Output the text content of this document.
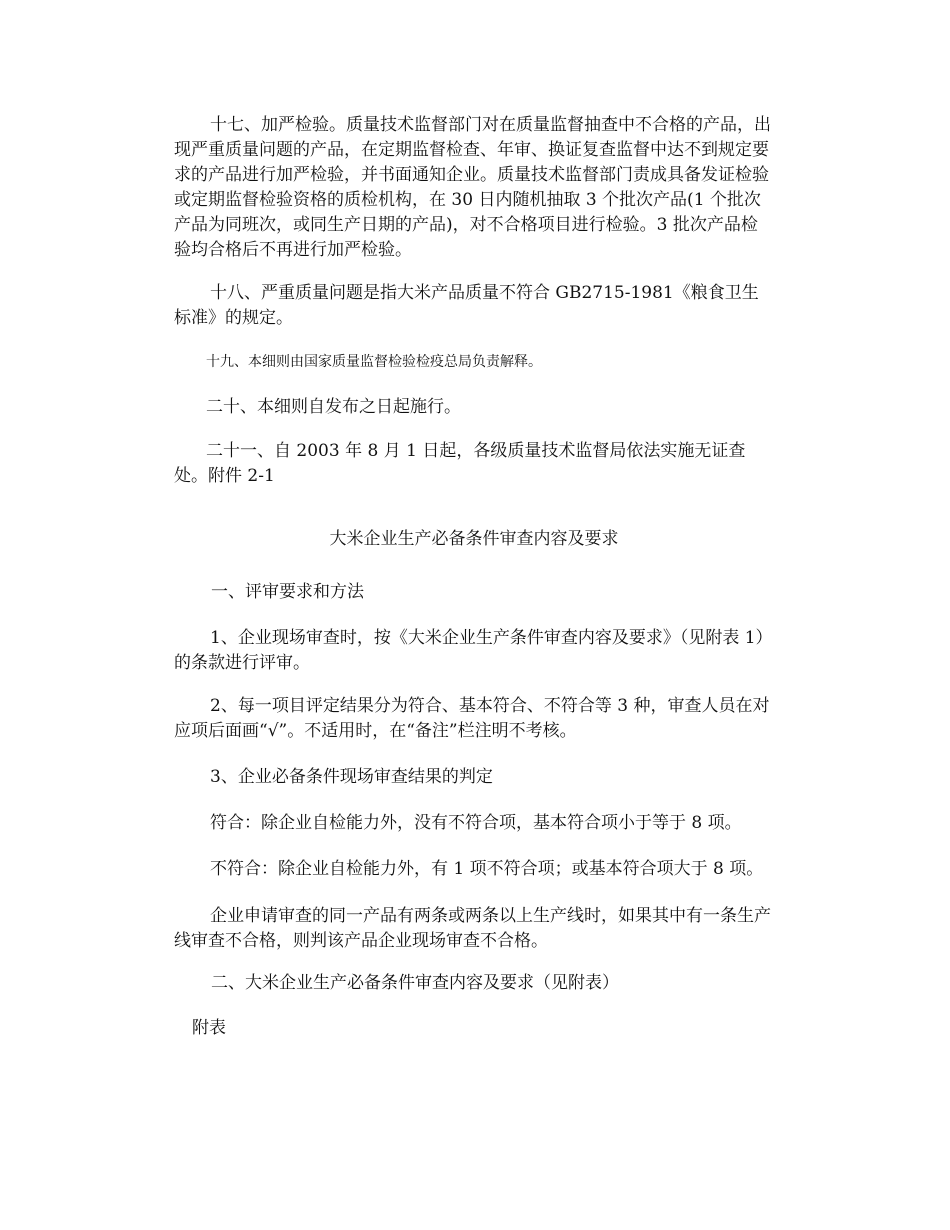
十七、加严检验。质量技术监督部门对在质量监督抽查中不合格的产品，出现严重质量问题的产品，在定期监督检查、年审、换证复查监督中达不到规定要求的产品进行加严检验，并书面通知企业。质量技术监督部门责成具备发证检验或定期监督检验资格的质检机构，在 30 日内随机抽取 3 个批次产品(1 个批次产品为同班次，或同生产日期的产品)，对不合格项目进行检验。3 批次产品检验均合格后不再进行加严检验。

十八、严重质量问题是指大米产品质量不符合 GB2715-1981《粮食卫生标准》的规定。

十九、本细则由国家质量监督检验检疫总局负责解释。

二十、本细则自发布之日起施行。

二十一、自 2003 年 8 月 1 日起，各级质量技术监督局依法实施无证查处。附件 2-1

大米企业生产必备条件审查内容及要求

一、评审要求和方法

1、企业现场审查时，按《大米企业生产条件审查内容及要求》（见附表 1）的条款进行评审。

2、每一项目评定结果分为符合、基本符合、不符合等 3 种，审查人员在对应项后面画“√”。不适用时，在“备注”栏注明不考核。

3、企业必备条件现场审查结果的判定

符合：除企业自检能力外，没有不符合项，基本符合项小于等于 8 项。

不符合：除企业自检能力外，有 1 项不符合项；或基本符合项大于 8 项。

企业申请审查的同一产品有两条或两条以上生产线时，如果其中有一条生产线审查不合格，则判该产品企业现场审查不合格。

二、大米企业生产必备条件审查内容及要求（见附表）

附表
